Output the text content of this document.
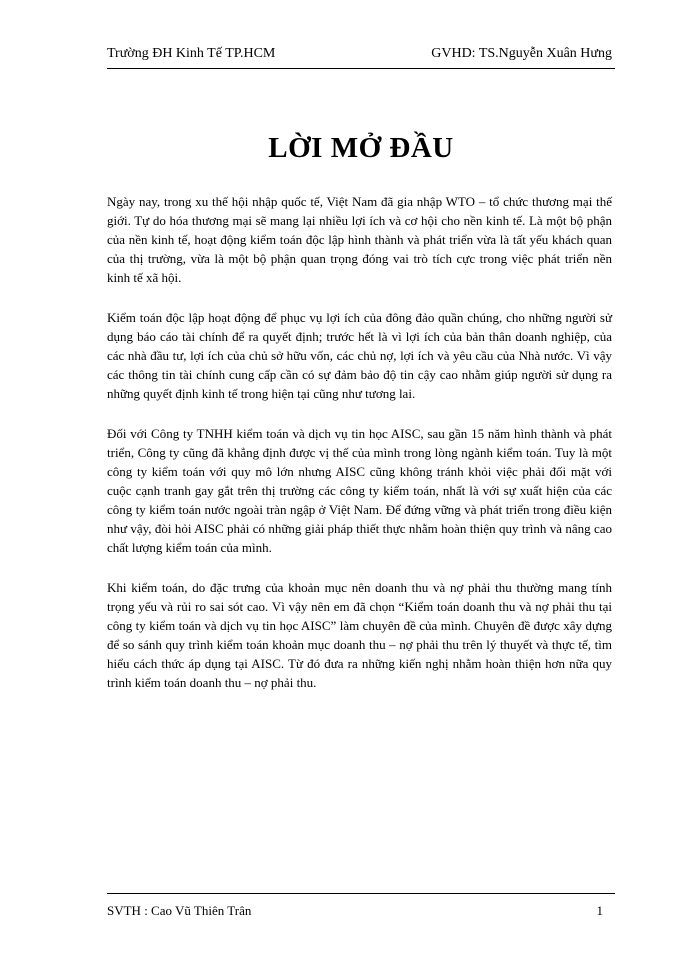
Trường ĐH Kinh Tế TP.HCM	GVHD: TS.Nguyễn Xuân Hưng
LỜI MỞ ĐẦU

Ngày nay, trong xu thế hội nhập quốc tế, Việt Nam đã gia nhập WTO – tổ chức thương mại thế giới. Tự do hóa thương mại sẽ mang lại nhiều lợi ích và cơ hội cho nền kinh tế. Là một bộ phận của nền kinh tế, hoạt động kiểm toán độc lập hình thành và phát triển vừa là tất yếu khách quan của thị trường, vừa là một bộ phận quan trọng đóng vai trò tích cực trong việc phát triển nền kinh tế xã hội.

Kiểm toán độc lập hoạt động để phục vụ lợi ích của đông đảo quần chúng, cho những người sử dụng báo cáo tài chính để ra quyết định; trước hết là vì lợi ích của bản thân doanh nghiệp, của các nhà đầu tư, lợi ích của chủ sở hữu vốn, các chủ nợ, lợi ích và yêu cầu của Nhà nước. Vì vậy các thông tin tài chính cung cấp cần có sự đảm bảo độ tin cậy cao nhằm giúp người sử dụng ra những quyết định kinh tế trong hiện tại cũng như tương lai.

Đối với Công ty TNHH kiểm toán và dịch vụ tin học AISC, sau gần 15 năm hình thành và phát triển, Công ty cũng đã khẳng định được vị thế của mình trong lòng ngành kiểm toán. Tuy là một công ty kiểm toán với quy mô lớn nhưng AISC cũng không tránh khỏi việc phải đối mặt với cuộc cạnh tranh gay gắt trên thị trường các công ty kiểm toán, nhất là với sự xuất hiện của các công ty kiểm toán nước ngoài tràn ngập ở Việt Nam. Để đứng vững và phát triển trong điều kiện như vậy, đòi hỏi AISC phải có những giải pháp thiết thực nhằm hoàn thiện quy trình và nâng cao chất lượng kiểm toán của mình.

Khi kiểm toán, do đặc trưng của khoản mục nên doanh thu và nợ phải thu thường mang tính trọng yếu và rủi ro sai sót cao. Vì vậy nên em đã chọn “Kiểm toán doanh thu và nợ phải thu tại công ty kiểm toán và dịch vụ tin học AISC” làm chuyên đề của mình. Chuyên đề được xây dựng để so sánh quy trình kiểm toán khoản mục doanh thu – nợ phải thu trên lý thuyết và thực tế, tìm hiểu cách thức áp dụng tại AISC. Từ đó đưa ra những kiến nghị nhằm hoàn thiện hơn nữa quy trình kiểm toán doanh thu – nợ phải thu.

SVTH : Cao Vũ Thiên Trân	1
